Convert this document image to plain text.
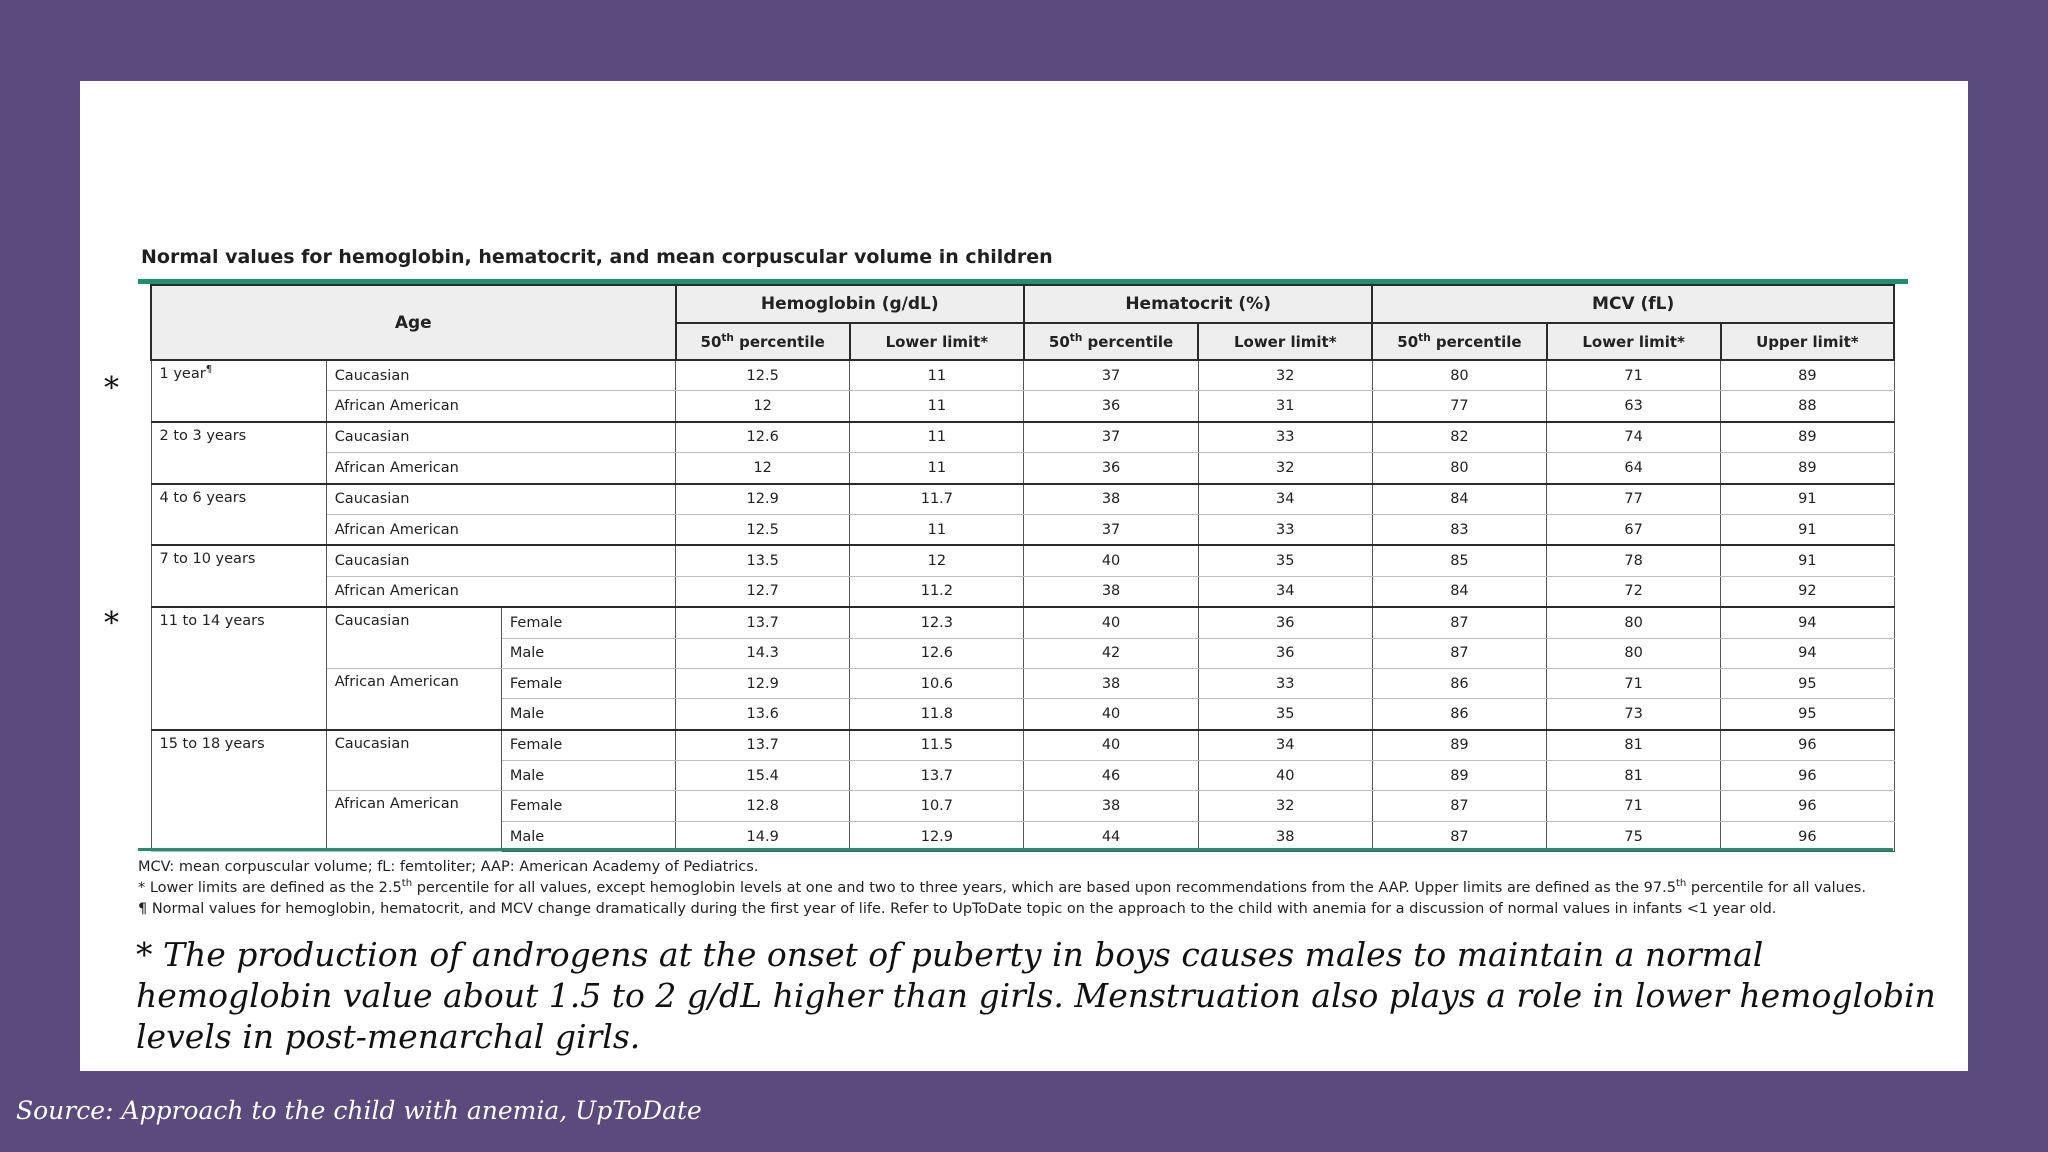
Normal values for hemoglobin, hematocrit, and mean corpuscular volume in children
*
*
Age			Hemoglobin (g/dL)		Hematocrit (%)		MCV (fL)		
			50th percentile	Lower limit*	50th percentile	Lower limit*	50th percentile	Lower limit*	Upper limit*
1 year¶	Caucasian		12.5	11	37	32	80	71	89
	African American		12	11	36	31	77	63	88
2 to 3 years	Caucasian		12.6	11	37	33	82	74	89
	African American		12	11	36	32	80	64	89
4 to 6 years	Caucasian		12.9	11.7	38	34	84	77	91
	African American		12.5	11	37	33	83	67	91
7 to 10 years	Caucasian		13.5	12	40	35	85	78	91
	African American		12.7	11.2	38	34	84	72	92
11 to 14 years	Caucasian	Female	13.7	12.3	40	36	87	80	94
		Male	14.3	12.6	42	36	87	80	94
	African American	Female	12.9	10.6	38	33	86	71	95
		Male	13.6	11.8	40	35	86	73	95
15 to 18 years	Caucasian	Female	13.7	11.5	40	34	89	81	96
		Male	15.4	13.7	46	40	89	81	96
	African American	Female	12.8	10.7	38	32	87	71	96
		Male	14.9	12.9	44	38	87	75	96
MCV: mean corpuscular volume; fL: femtoliter; AAP: American Academy of Pediatrics.
* Lower limits are defined as the 2.5th percentile for all values, except hemoglobin levels at one and two to three years, which are based upon recommendations from the AAP. Upper limits are defined as the 97.5th percentile for all values.
¶ Normal values for hemoglobin, hematocrit, and MCV change dramatically during the first year of life. Refer to UpToDate topic on the approach to the child with anemia for a discussion of normal values in infants <1 year old.
* The production of androgens at the onset of puberty in boys causes males to maintain a normal hemoglobin value about 1.5 to 2 g/dL higher than girls. Menstruation also plays a role in lower hemoglobin levels in post-menarchal girls.
Source: Approach to the child with anemia, UpToDate
